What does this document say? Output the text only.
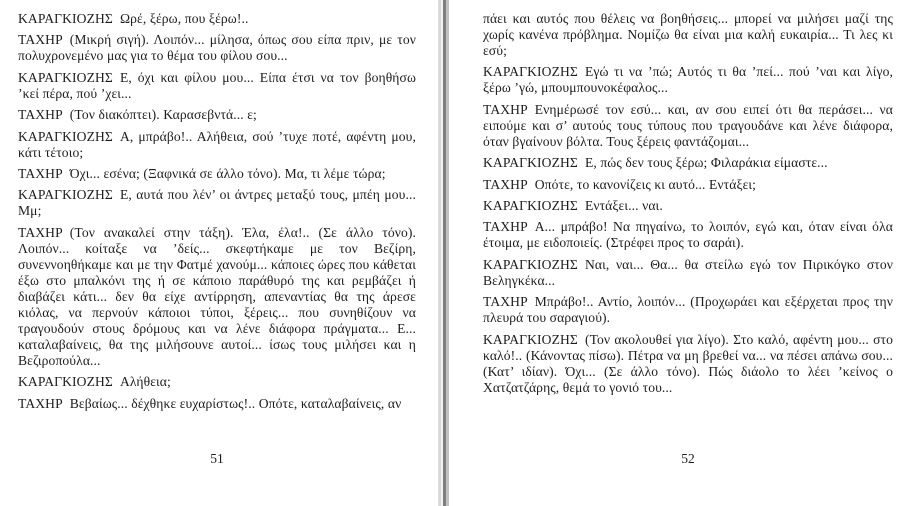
ΚΑΡΑΓΚΙΟΖΗΣ Ωρέ, ξέρω, που ξέρω!..

ΤΑΧΗΡ (Μικρή σιγή). Λοιπόν... μίλησα, όπως σου είπα πριν, με τον πολυχρονεμένο μας για το θέμα του φίλου σου...

ΚΑΡΑΓΚΙΟΖΗΣ Ε, όχι και φίλου μου... Είπα έτσι να τον βοηθήσω ’κεί πέρα, πού ’χει...

ΤΑΧΗΡ (Τον διακόπτει). Καρασεβντά... ε;

ΚΑΡΑΓΚΙΟΖΗΣ Α, μπράβο!.. Αλήθεια, σού ’τυχε ποτέ, αφέντη μου, κάτι τέτοιο;

ΤΑΧΗΡ Όχι... εσένα; (Ξαφνικά σε άλλο τόνο). Μα, τι λέμε τώρα;

ΚΑΡΑΓΚΙΟΖΗΣ Ε, αυτά που λέν’ οι άντρες μεταξύ τους, μπέη μου... Μμ;

ΤΑΧΗΡ (Τον ανακαλεί στην τάξη). Έλα, έλα!.. (Σε άλλο τόνο). Λοιπόν... κοίταξε να ’δείς... σκεφτήκαμε με τον Βεζίρη, συνεννοηθήκαμε και με την Φατμέ χανούμ... κάποιες ώρες που κάθεται έξω στο μπαλκόνι της ή σε κάποιο παράθυρό της και ρεμβάζει ή διαβάζει κάτι... δεν θα είχε αντίρρηση, απεναντίας θα της άρεσε κιόλας, να περνούν κάποιοι τύποι, ξέρεις... που συνηθίζουν να τραγουδούν στους δρόμους και να λένε διάφορα πράγματα... Ε... καταλαβαίνεις, θα της μιλήσουνε αυτοί... ίσως τους μιλήσει και η Βεζιροπούλα...

ΚΑΡΑΓΚΙΟΖΗΣ Αλήθεια;

ΤΑΧΗΡ Βεβαίως... δέχθηκε ευχαρίστως!.. Οπότε, καταλαβαίνεις, αν

51

πάει και αυτός που θέλεις να βοηθήσεις... μπορεί να μιλήσει μαζί της χωρίς κανένα πρόβλημα. Νομίζω θα είναι μια καλή ευκαιρία... Τι λες κι εσύ;

ΚΑΡΑΓΚΙΟΖΗΣ Εγώ τι να ’πώ; Αυτός τι θα ’πεί... πού ’ναι και λίγο, ξέρω ’γώ, μπουμπουνοκέφαλος...

ΤΑΧΗΡ Ενημέρωσέ τον εσύ... και, αν σου ειπεί ότι θα περάσει... να ειπούμε και σ’ αυτούς τους τύπους που τραγουδάνε και λένε διάφορα, όταν βγαίνουν βόλτα. Τους ξέρεις φαντάζομαι...

ΚΑΡΑΓΚΙΟΖΗΣ Ε, πώς δεν τους ξέρω; Φιλαράκια είμαστε...

ΤΑΧΗΡ Οπότε, το κανονίζεις κι αυτό... Εντάξει;

ΚΑΡΑΓΚΙΟΖΗΣ Εντάξει... ναι.

ΤΑΧΗΡ Α... μπράβο! Να πηγαίνω, το λοιπόν, εγώ και, όταν είναι όλα έτοιμα, με ειδοποιείς. (Στρέφει προς το σαράι).

ΚΑΡΑΓΚΙΟΖΗΣ Ναι, ναι... Θα... θα στείλω εγώ τον Πιρικόγκο στον Βεληγκέκα...

ΤΑΧΗΡ Μπράβο!.. Αντίο, λοιπόν... (Προχωράει και εξέρχεται προς την πλευρά του σαραγιού).

ΚΑΡΑΓΚΙΟΖΗΣ (Τον ακολουθεί για λίγο). Στο καλό, αφέντη μου... στο καλό!.. (Κάνοντας πίσω). Πέτρα να μη βρεθεί να... να πέσει απάνω σου... (Κατ’ ιδίαν). Όχι... (Σε άλλο τόνο). Πώς διάολο το λέει ’κείνος ο Χατζατζάρης, θεμά το γονιό του...

52
